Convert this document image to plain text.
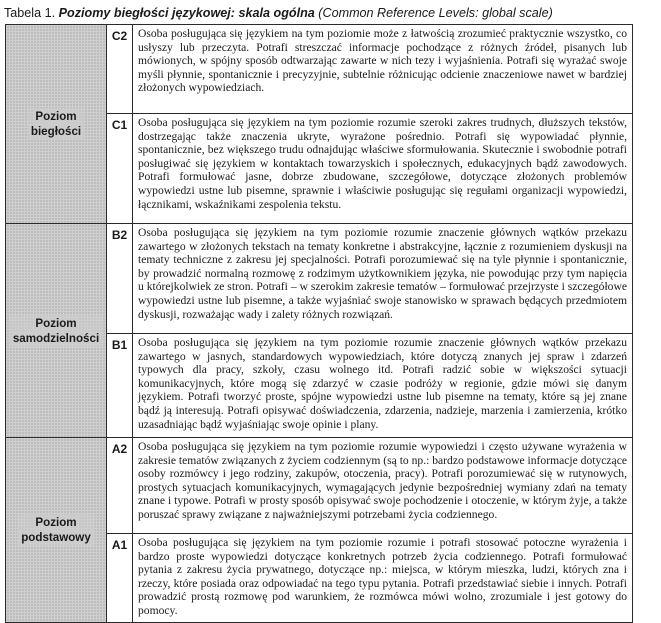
Tabela 1. Poziomy biegłości językowej: skala ogólna (Common Reference Levels: global scale)
Poziom
biegłości	C2	Osoba posługująca się językiem na tym poziomie może z łatwością zrozumieć praktycznie wszystko, co usłyszy lub przeczyta. Potrafi streszczać informacje pochodzące z różnych źródeł, pisanych lub mówionych, w spójny sposób odtwarzając zawarte w nich tezy i wyjaśnienia. Potrafi się wyrażać swoje myśli płynnie, spontanicznie i precyzyjnie, subtelnie różnicując odcienie znaczeniowe nawet w bardziej złożonych wypowiedziach.
	C1	Osoba posługująca się językiem na tym poziomie rozumie szeroki zakres trudnych, dłuższych tekstów, dostrzegając także znaczenia ukryte, wyrażone pośrednio. Potrafi się wypowiadać płynnie, spontanicznie, bez większego trudu odnajdując właściwe sformułowania. Skutecznie i swobodnie potrafi posługiwać się językiem w kontaktach towarzyskich i społecznych, edukacyjnych bądź zawodowych. Potrafi formułować jasne, dobrze zbudowane, szczegółowe, dotyczące złożonych problemów wypowiedzi ustne lub pisemne, sprawnie i właściwie posługując się regułami organizacji wypowiedzi, łącznikami, wskaźnikami zespolenia tekstu.
Poziom
samodzielności	B2	Osoba posługująca się językiem na tym poziomie rozumie znaczenie głównych wątków przekazu zawartego w złożonych tekstach na tematy konkretne i abstrakcyjne, łącznie z rozumieniem dyskusji na tematy techniczne z zakresu jej specjalności. Potrafi porozumiewać się na tyle płynnie i spontanicznie, by prowadzić normalną rozmowę z rodzimym użytkownikiem języka, nie powodując przy tym napięcia u którejkolwiek ze stron. Potrafi – w szerokim zakresie tematów – formułować przejrzyste i szczegółowe wypowiedzi ustne lub pisemne, a także wyjaśniać swoje stanowisko w sprawach będących przedmiotem dyskusji, rozważając wady i zalety różnych rozwiązań.
	B1	Osoba posługująca się językiem na tym poziomie rozumie znaczenie głównych wątków przekazu zawartego w jasnych, standardowych wypowiedziach, które dotyczą znanych jej spraw i zdarzeń typowych dla pracy, szkoły, czasu wolnego itd. Potrafi radzić sobie w większości sytuacji komunikacyjnych, które mogą się zdarzyć w czasie podróży w regionie, gdzie mówi się danym językiem. Potrafi tworzyć proste, spójne wypowiedzi ustne lub pisemne na tematy, które są jej znane bądź ją interesują. Potrafi opisywać doświadczenia, zdarzenia, nadzieje, marzenia i zamierzenia, krótko uzasadniając bądź wyjaśniając swoje opinie i plany.
Poziom
podstawowy	A2	Osoba posługująca się językiem na tym poziomie rozumie wypowiedzi i często używane wyrażenia w zakresie tematów związanych z życiem codziennym (są to np.: bardzo podstawowe informacje dotyczące osoby rozmówcy i jego rodziny, zakupów, otoczenia, pracy). Potrafi porozumiewać się w rutynowych, prostych sytuacjach komunikacyjnych, wymagających jedynie bezpośredniej wymiany zdań na tematy znane i typowe. Potrafi w prosty sposób opisywać swoje pochodzenie i otoczenie, w którym żyje, a także poruszać sprawy związane z najważniejszymi potrzebami życia codziennego.
	A1	Osoba posługująca się językiem na tym poziomie rozumie i potrafi stosować potoczne wyrażenia i bardzo proste wypowiedzi dotyczące konkretnych potrzeb życia codziennego. Potrafi formułować pytania z zakresu życia prywatnego, dotyczące np.: miejsca, w którym mieszka, ludzi, których zna i rzeczy, które posiada oraz odpowiadać na tego typu pytania. Potrafi przedstawiać siebie i innych. Potrafi prowadzić prostą rozmowę pod warunkiem, że rozmówca mówi wolno, zrozumiale i jest gotowy do pomocy.
